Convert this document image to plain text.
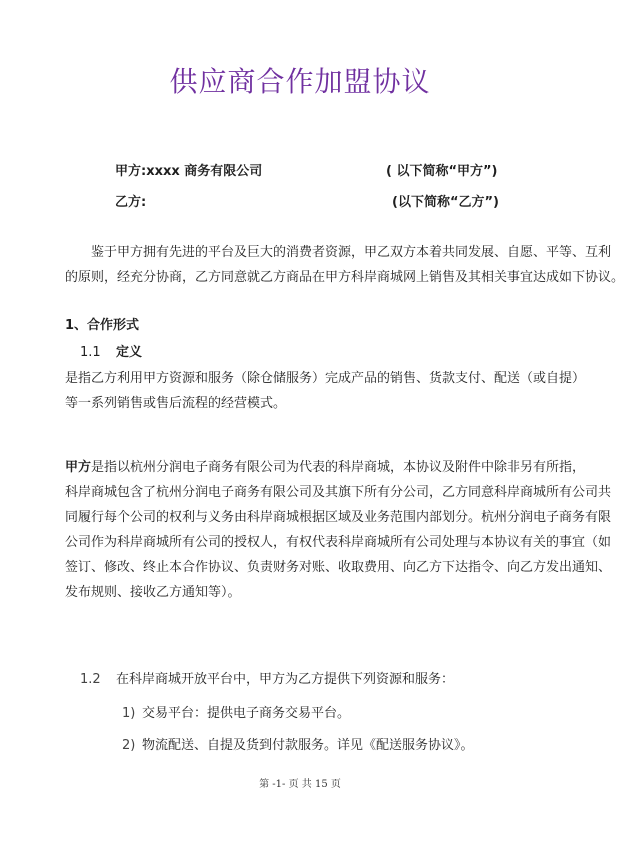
供应商合作加盟协议
甲方:xxxx 商务有限公司	( 以下简称“甲方”)
乙方:	(以下简称“乙方”)
鉴于甲方拥有先进的平台及巨大的消费者资源，甲乙双方本着共同发展、自愿、平等、互利
的原则，经充分协商，乙方同意就乙方商品在甲方科岸商城网上销售及其相关事宜达成如下协议。
1、合作形式
1.1 定义
是指乙方利用甲方资源和服务（除仓储服务）完成产品的销售、货款支付、配送（或自提）
等一系列销售或售后流程的经营模式。
甲方是指以杭州分润电子商务有限公司为代表的科岸商城，本协议及附件中除非另有所指，
科岸商城包含了杭州分润电子商务有限公司及其旗下所有分公司，乙方同意科岸商城所有公司共
同履行每个公司的权利与义务由科岸商城根据区域及业务范围内部划分。杭州分润电子商务有限
公司作为科岸商城所有公司的授权人，有权代表科岸商城所有公司处理与本协议有关的事宜（如
签订、修改、终止本合作协议、负责财务对账、收取费用、向乙方下达指令、向乙方发出通知、
发布规则、接收乙方通知等）。
1.2 在科岸商城开放平台中，甲方为乙方提供下列资源和服务：
1) 交易平台：提供电子商务交易平台。
2) 物流配送、自提及货到付款服务。详见《配送服务协议》。
第 -1- 页 共 15 页
